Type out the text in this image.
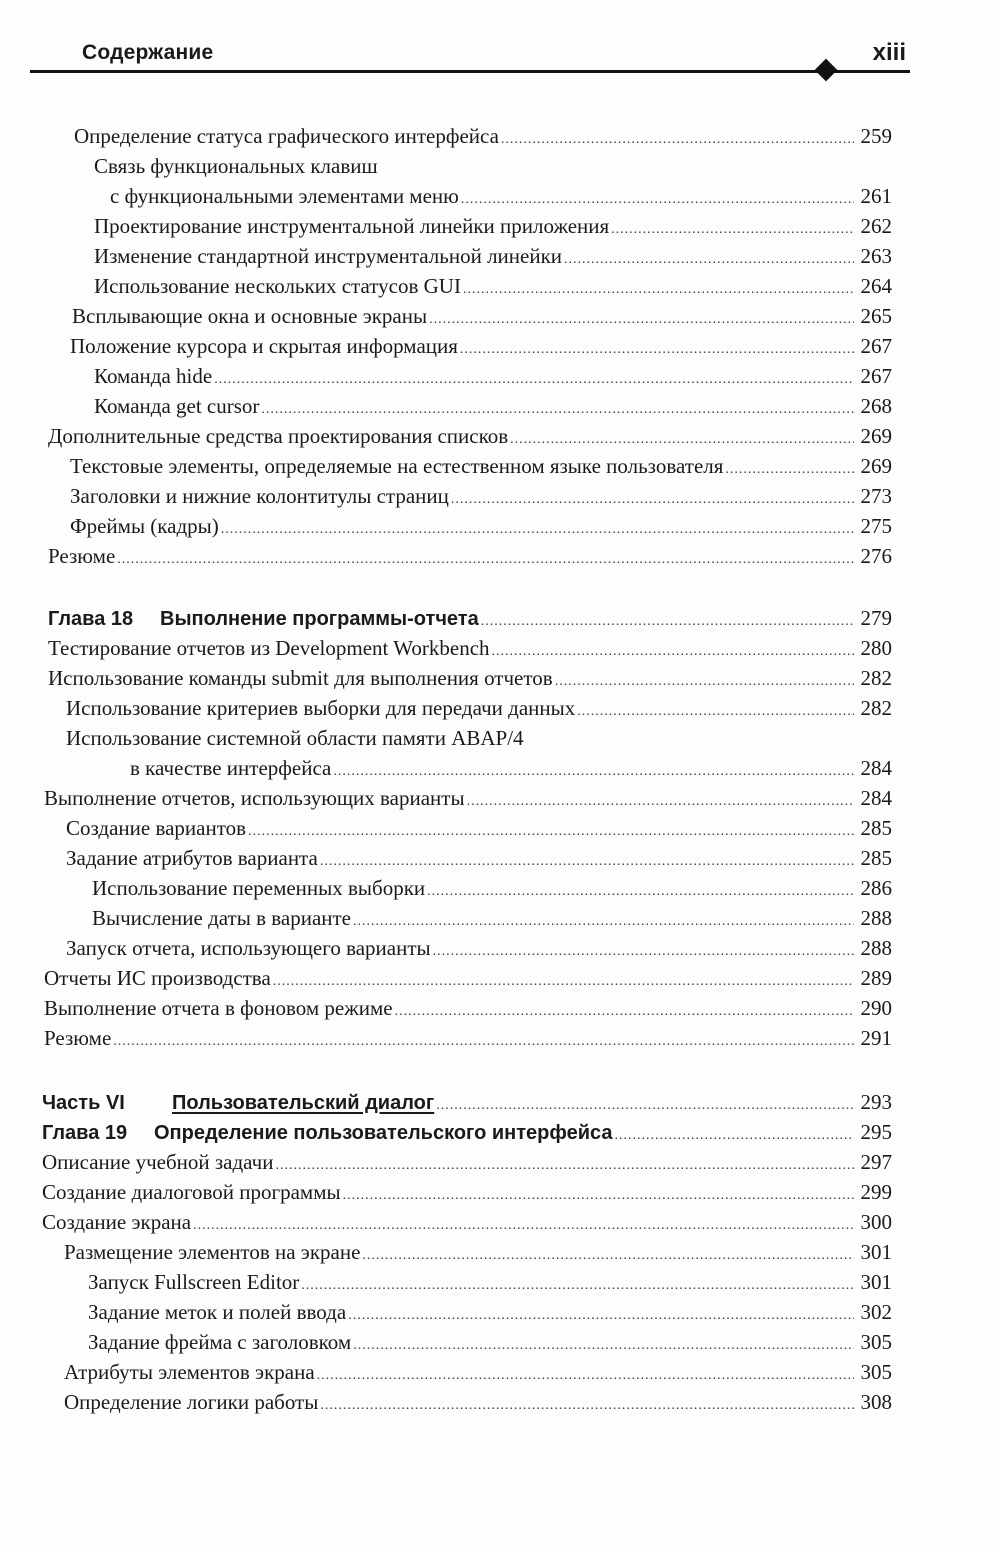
Содержание	xiii
Определение статуса графического интерфейса .....	259
Связь функциональных клавиш
с функциональными элементами меню .....	261
Проектирование инструментальной линейки приложения .....	262
Изменение стандартной инструментальной линейки .....	263
Использование нескольких статусов GUI .....	264
Всплывающие окна и основные экраны .....	265
Положение курсора и скрытая информация .....	267
Команда hide .....	267
Команда get cursor .....	268
Дополнительные средства проектирования списков .....	269
Текстовые элементы, определяемые на естественном языке пользователя .....	269
Заголовки и нижние колонтитулы страниц .....	273
Фреймы (кадры) .....	275
Резюме .....	276
Глава 18 Выполнение программы-отчета .....	279
Тестирование отчетов из Development Workbench .....	280
Использование команды submit для выполнения отчетов .....	282
Использование критериев выборки для передачи данных .....	282
Использование системной области памяти ABAP/4
в качестве интерфейса .....	284
Выполнение отчетов, использующих варианты .....	284
Создание вариантов .....	285
Задание атрибутов варианта .....	285
Использование переменных выборки .....	286
Вычисление даты в варианте .....	288
Запуск отчета, использующего варианты .....	288
Отчеты ИС производства .....	289
Выполнение отчета в фоновом режиме .....	290
Резюме .....	291
Часть VI Пользовательский диалог .....	293
Глава 19 Определение пользовательского интерфейса .....	295
Описание учебной задачи .....	297
Создание диалоговой программы .....	299
Создание экрана .....	300
Размещение элементов на экране .....	301
Запуск Fullscreen Editor .....	301
Задание меток и полей ввода .....	302
Задание фрейма с заголовком .....	305
Атрибуты элементов экрана .....	305
Определение логики работы .....	308
